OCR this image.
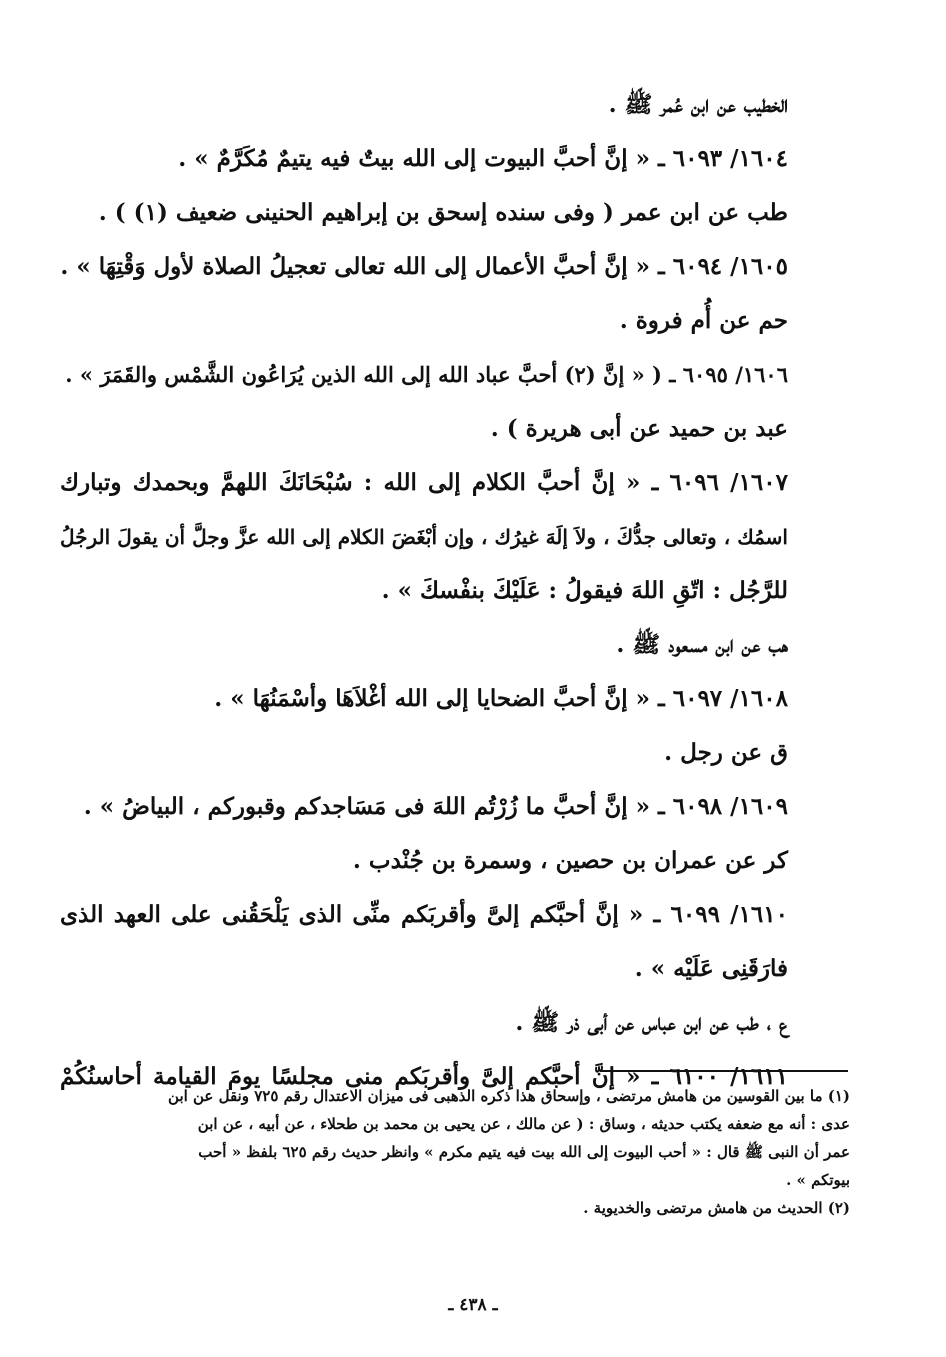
الخطيب عن ابن عُمر ﷺ .

١٦٠٤/ ٦٠٩٣ ـ « إنَّ أحبَّ البيوت إلى الله بيتٌ فيه يتيمٌ مُكَرَّمٌ » .

طب عن ابن عمر ( وفى سنده إسحق بن إبراهيم الحنينى ضعيف (١) ) .

١٦٠٥/ ٦٠٩٤ ـ « إنَّ أحبَّ الأعمال إلى الله تعالى تعجيلُ الصلاة لأول وَقْتِهَا » .

حم عن أُم فروة .

١٦٠٦/ ٦٠٩٥ ـ ( « إنَّ (٢) أحبَّ عباد الله إلى الله الذين يُرَاعُون الشَّمْس والقَمَرَ » .

عبد بن حميد عن أبى هريرة ) .

١٦٠٧/ ٦٠٩٦ ـ « إنَّ أحبَّ الكلام إلى الله : سُبْحَانَكَ اللهمَّ وبحمدك وتبارك

اسمُك ، وتعالى جدُّكَ ، ولاَ إلَهَ غيرُك ، وإن أبْغَضَ الكلام إلى الله عزَّ وجلَّ أن يقولَ الرجُلُ

للرَّجُل : اتّقِ اللهَ فيقولُ : عَلَيْكَ بنفْسكَ » .

هب عن ابن مسعود ﷺ .

١٦٠٨/ ٦٠٩٧ ـ « إنَّ أحبَّ الضحايا إلى الله أغْلاَهَا وأسْمَنُهَا » .

ق عن رجل .

١٦٠٩/ ٦٠٩٨ ـ « إنَّ أحبَّ ما زُرْتُم اللهَ فى مَسَاجدكم وقبوركم ، البياضُ » .

كر عن عمران بن حصين ، وسمرة بن جُنْدب .

١٦١٠/ ٦٠٩٩ ـ « إنَّ أحبَّكم إلىَّ وأقربَكم منِّى الذى يَلْحَقُنى على العهد الذى

فارَقَنِى عَلَيْه » .

ع ، طب عن ابن عباس عن أبى ذر ﷺ .

١٦١١/ ٦١٠٠ ـ « إنَّ أحبَّكم إلىَّ وأقربَكم منى مجلسًا يومَ القيامة أحاسنُكُمْ

(١) ما بين القوسين من هامش مرتضى ، وإسحاق هذا ذكره الذهبى فى ميزان الاعتدال رقم ٧٢٥ ونقل عن ابن

عدى : أنه مع ضعفه يكتب حديثه ، وساق : ( عن مالك ، عن يحيى بن محمد بن طحلاء ، عن أبيه ، عن ابن

عمر أن النبى ﷺ قال : « أحب البيوت إلى الله بيت فيه يتيم مكرم » وانظر حديث رقم ٦٢٥ بلفظ « أحب

بيوتكم » .

(٢) الحديث من هامش مرتضى والخديوية .

ـ ٤٣٨ ـ
